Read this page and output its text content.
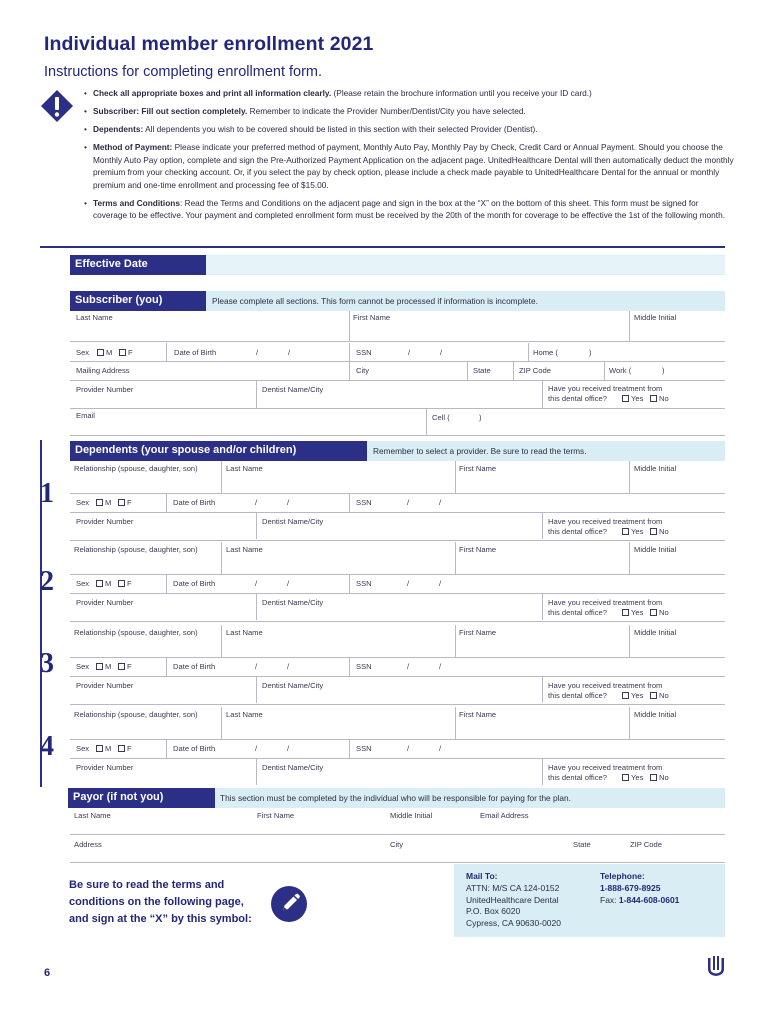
Individual member enrollment 2021
Instructions for completing enrollment form.
• Check all appropriate boxes and print all information clearly. (Please retain the brochure information until you receive your ID card.)
• Subscriber: Fill out section completely. Remember to indicate the Provider Number/Dentist/City you have selected.
• Dependents: All dependents you wish to be covered should be listed in this section with their selected Provider (Dentist).
• Method of Payment: Please indicate your preferred method of payment, Monthly Auto Pay, Monthly Pay by Check, Credit Card or Annual Payment. Should you choose the Monthly Auto Pay option, complete and sign the Pre-Authorized Payment Application on the adjacent page. UnitedHealthcare Dental will then automatically deduct the monthly premium from your checking account. Or, if you select the pay by check option, please include a check made payable to UnitedHealthcare Dental for the annual or monthly premium and one-time enrollment and processing fee of $15.00.
• Terms and Conditions: Read the Terms and Conditions on the adjacent page and sign in the box at the “X” on the bottom of this sheet. This form must be signed for coverage to be effective. Your payment and completed enrollment form must be received by the 20th of the month for coverage to be effective the 1st of the following month.
Effective Date
Subscriber (you)	Please complete all sections. This form cannot be processed if information is incomplete.
Last Name	First Name	Middle Initial
Sex	M	F	Date of Birth	/	/	SSN	/	/	Home (	)
Mailing Address	City	State	ZIP Code	Work (	)
Provider Number	Dentist Name/City	Have you received treatment from
this dental office?	Yes	No
Email	Cell (	)
Dependents (your spouse and/or children)	Remember to select a provider. Be sure to read the terms.
1
Relationship (spouse, daughter, son)	Last Name	First Name	Middle Initial
Sex	M	F	Date of Birth	/	/	SSN	/	/
Provider Number	Dentist Name/City	Have you received treatment from
this dental office?	Yes	No
2
Relationship (spouse, daughter, son)	Last Name	First Name	Middle Initial
Sex	M	F	Date of Birth	/	/	SSN	/	/
Provider Number	Dentist Name/City	Have you received treatment from
this dental office?	Yes	No
3
Relationship (spouse, daughter, son)	Last Name	First Name	Middle Initial
Sex	M	F	Date of Birth	/	/	SSN	/	/
Provider Number	Dentist Name/City	Have you received treatment from
this dental office?	Yes	No
4
Relationship (spouse, daughter, son)	Last Name	First Name	Middle Initial
Sex	M	F	Date of Birth	/	/	SSN	/	/
Provider Number	Dentist Name/City	Have you received treatment from
this dental office?	Yes	No
Payor (if not you)	This section must be completed by the individual who will be responsible for paying for the plan.
Last Name	First Name	Middle Initial	Email Address
Address	City	State	ZIP Code
Be sure to read the terms and
conditions on the following page,
and sign at the “X” by this symbol:
Mail To:
ATTN: M/S CA 124-0152
UnitedHealthcare Dental
P.O. Box 6020
Cypress, CA 90630-0020
Telephone:
1-888-679-8925
Fax: 1-844-608-0601
6
